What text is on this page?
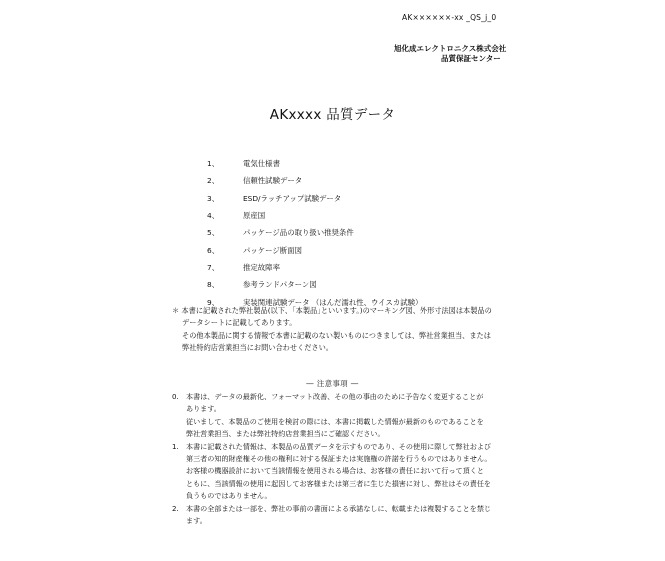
AK××××××-xx _QS_j_0
旭化成エレクトロニクス株式会社
品質保証センター
AKxxxx 品質データ
1、	電気仕様書
2、	信頼性試験データ
3、	ESD/ラッチアップ試験データ
4、	原産国
5、	パッケージ品の取り扱い推奨条件
6、	パッケージ断面図
7、	推定故障率
8、	参考ランドパターン図
9、	実装関連試験データ （はんだ濡れ性、ウイスカ試験）
＊ 本書に記載された弊社製品(以下、｢本製品｣といいます。)のマーキング図、外形寸法図は本製品の
データシートに記載してあります。
その他本製品に関する情報で本書に記載のない製いものにつきましては、弊社営業担当、または
弊社特約店営業担当にお問い合わせください。
― 注意事項 ―
0.	本書は、データの最新化、フォーマット改善、その他の事由のために予告なく変更することが
あります。
従いまして、本製品のご使用を検討の際には、本書に掲載した情報が最新のものであることを
弊社営業担当、または弊社特約店営業担当にご確認ください。
1.	本書に記載された情報は、本製品の品質データを示すものであり、その使用に際して弊社および
第三者の知的財産権その他の権利に対する保証または実施権の許諾を行うものではありません。
お客様の機器設計において当該情報を使用される場合は、お客様の責任において行って頂くと
ともに、当該情報の使用に起因してお客様または第三者に生じた損害に対し、弊社はその責任を
負うものではありません。
2.	本書の全部または一部を、弊社の事前の書面による承諾なしに、転載または複製することを禁じ
ます。
